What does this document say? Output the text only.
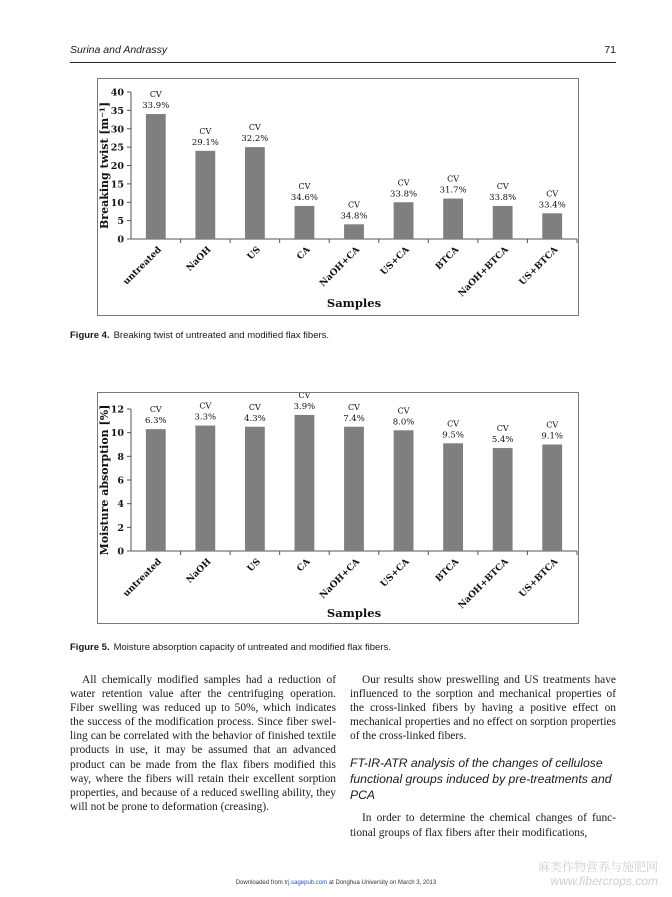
Surina and Andrassy	71
0
5
10
15
20
25
30
35
40	CV
33.9%
untreated
CV
29.1%
NaOH
CV
32.2%
US
CV
34.6%
CA
CV
34.8%
NaOH+CA
CV
33.8%
US+CA
CV
31.7%
BTCA
CV
33.8%
NaOH+BTCA
CV
33.4%
US+BTCA
Breaking twist [m⁻¹]
Samples
Figure 4. Breaking twist of untreated and modified flax fibers.
0
2
4
6
8
10
12	CV
6.3%
untreated
CV
3.3%
NaOH
CV
4.3%
US
CV
3.9%
CA
CV
7.4%
NaOH+CA
CV
8.0%
US+CA
CV
9.5%
BTCA
CV
5.4%
NaOH+BTCA
CV
9.1%
US+BTCA
Moisture absorption [%]
Samples
Figure 5. Moisture absorption capacity of untreated and modified flax fibers.

All chemically modified samples had a reduction of water retention value after the centrifuging operation. Fiber swelling was reduced up to 50%, which indicates the success of the modification process. Since fiber swelling can be correlated with the behavior of finished textile products in use, it may be assumed that an advanced product can be made from the flax fibers modified this way, where the fibers will retain their excellent sorption properties, and because of a reduced swelling ability, they will not be prone to deformation (creasing).

Our results show preswelling and US treatments have influenced to the sorption and mechanical properties of the cross-linked fibers by having a positive effect on mechanical properties and no effect on sorption properties of the cross-linked fibers.

FT-IR-ATR analysis of the changes of cellulose functional groups induced by pre-treatments and PCA

In order to determine the chemical changes of functional groups of flax fibers after their modifications,

Downloaded from trj.sagepub.com at Donghua University on March 3, 2013
麻类作物营养与施肥网
www.fibercrops.com
